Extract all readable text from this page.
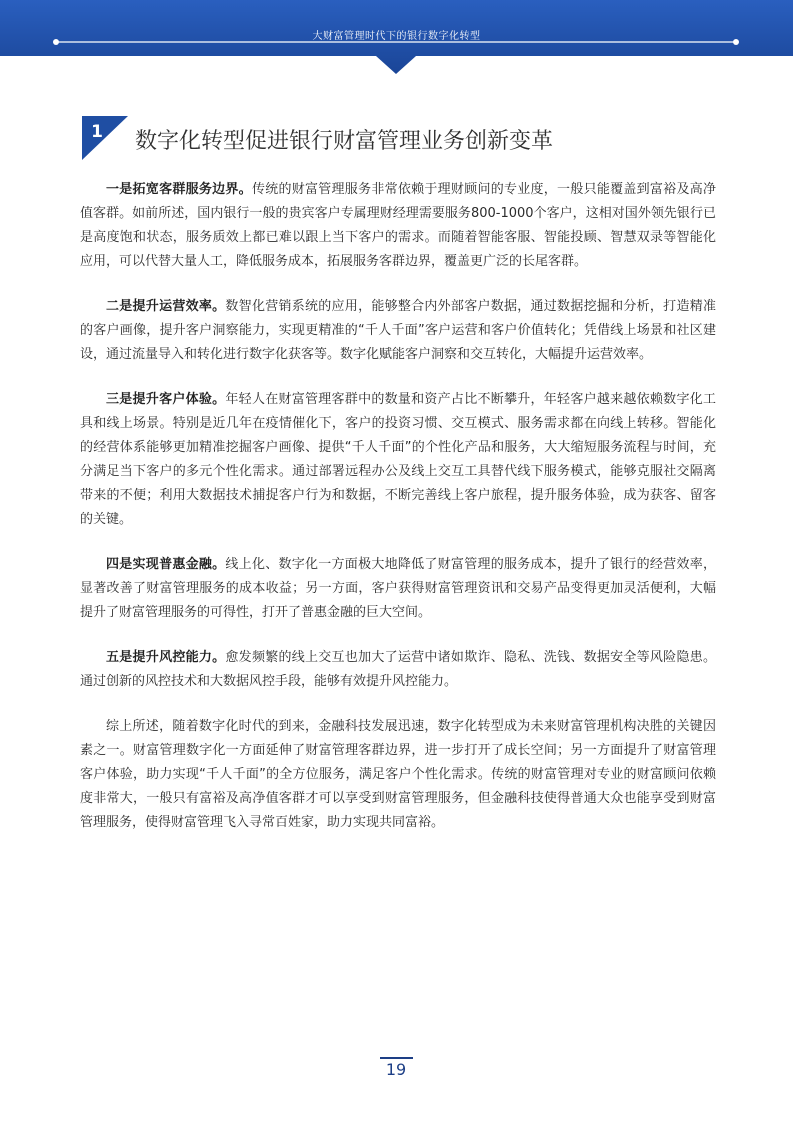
大财富管理时代下的银行数字化转型
1 数字化转型促进银行财富管理业务创新变革

一是拓宽客群服务边界。传统的财富管理服务非常依赖于理财顾问的专业度，一般只能覆盖到富裕及高净值客群。如前所述，国内银行一般的贵宾客户专属理财经理需要服务800-1000个客户，这相对国外领先银行已是高度饱和状态，服务质效上都已难以跟上当下客户的需求。而随着智能客服、智能投顾、智慧双录等智能化应用，可以代替大量人工，降低服务成本，拓展服务客群边界，覆盖更广泛的长尾客群。

二是提升运营效率。数智化营销系统的应用，能够整合内外部客户数据，通过数据挖掘和分析，打造精准的客户画像，提升客户洞察能力，实现更精准的“千人千面”客户运营和客户价值转化；凭借线上场景和社区建设，通过流量导入和转化进行数字化获客等。数字化赋能客户洞察和交互转化，大幅提升运营效率。

三是提升客户体验。年轻人在财富管理客群中的数量和资产占比不断攀升，年轻客户越来越依赖数字化工具和线上场景。特别是近几年在疫情催化下，客户的投资习惯、交互模式、服务需求都在向线上转移。智能化的经营体系能够更加精准挖掘客户画像、提供“千人千面”的个性化产品和服务，大大缩短服务流程与时间，充分满足当下客户的多元个性化需求。通过部署远程办公及线上交互工具替代线下服务模式，能够克服社交隔离带来的不便；利用大数据技术捕捉客户行为和数据，不断完善线上客户旅程，提升服务体验，成为获客、留客的关键。

四是实现普惠金融。线上化、数字化一方面极大地降低了财富管理的服务成本，提升了银行的经营效率，显著改善了财富管理服务的成本收益；另一方面，客户获得财富管理资讯和交易产品变得更加灵活便利，大幅提升了财富管理服务的可得性，打开了普惠金融的巨大空间。

五是提升风控能力。愈发频繁的线上交互也加大了运营中诸如欺诈、隐私、洗钱、数据安全等风险隐患。通过创新的风控技术和大数据风控手段，能够有效提升风控能力。

综上所述，随着数字化时代的到来，金融科技发展迅速，数字化转型成为未来财富管理机构决胜的关键因素之一。财富管理数字化一方面延伸了财富管理客群边界，进一步打开了成长空间；另一方面提升了财富管理客户体验，助力实现“千人千面”的全方位服务，满足客户个性化需求。传统的财富管理对专业的财富顾问依赖度非常大，一般只有富裕及高净值客群才可以享受到财富管理服务，但金融科技使得普通大众也能享受到财富管理服务，使得财富管理飞入寻常百姓家，助力实现共同富裕。

19
